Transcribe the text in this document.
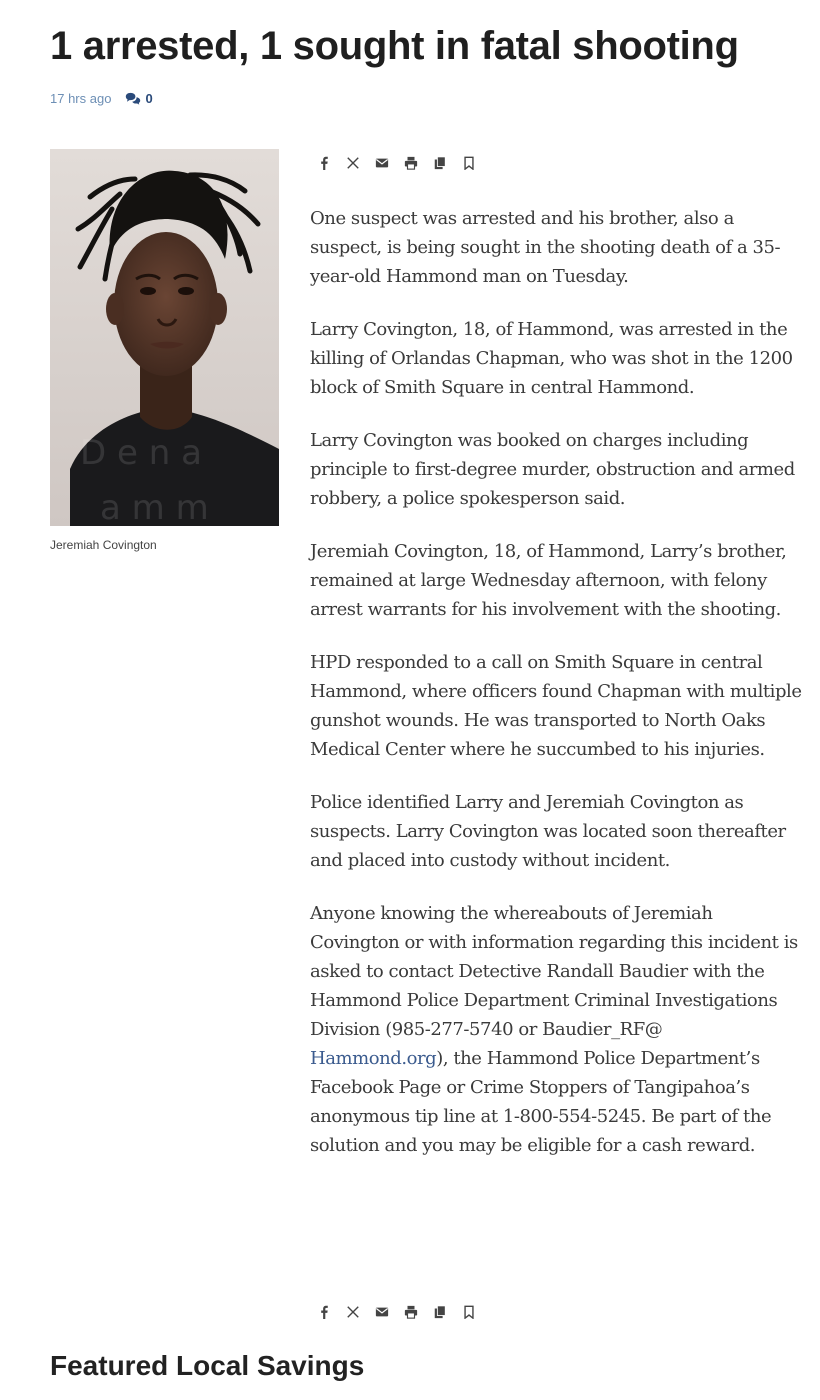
1 arrested, 1 sought in fatal shooting
17 hrs ago	0
D e n a
a m m
Jeremiah Covington

One suspect was arrested and his brother, also a suspect, is being sought in the shooting death of a 35-year-old Hammond man on Tuesday.

Larry Covington, 18, of Hammond, was arrested in the killing of Orlandas Chapman, who was shot in the 1200 block of Smith Square in central Hammond.

Larry Covington was booked on charges including principle to first-degree murder, obstruction and armed robbery, a police spokesperson said.

Jeremiah Covington, 18, of Hammond, Larry’s brother, remained at large Wednesday afternoon, with felony arrest warrants for his involvement with the shooting.

HPD responded to a call on Smith Square in central Hammond, where officers found Chapman with multiple gunshot wounds. He was transported to North Oaks Medical Center where he succumbed to his injuries.

Police identified Larry and Jeremiah Covington as suspects. Larry Covington was located soon thereafter and placed into custody without incident.

Anyone knowing the whereabouts of Jeremiah Covington or with information regarding this incident is asked to contact Detective Randall Baudier with the Hammond Police Department Criminal Investigations Division (985-277-5740 or Baudier_RF@ Hammond.org), the Hammond Police Department’s Facebook Page or Crime Stoppers of Tangipahoa’s anonymous tip line at 1-800-554-5245. Be part of the solution and you may be eligible for a cash reward.

Featured Local Savings
